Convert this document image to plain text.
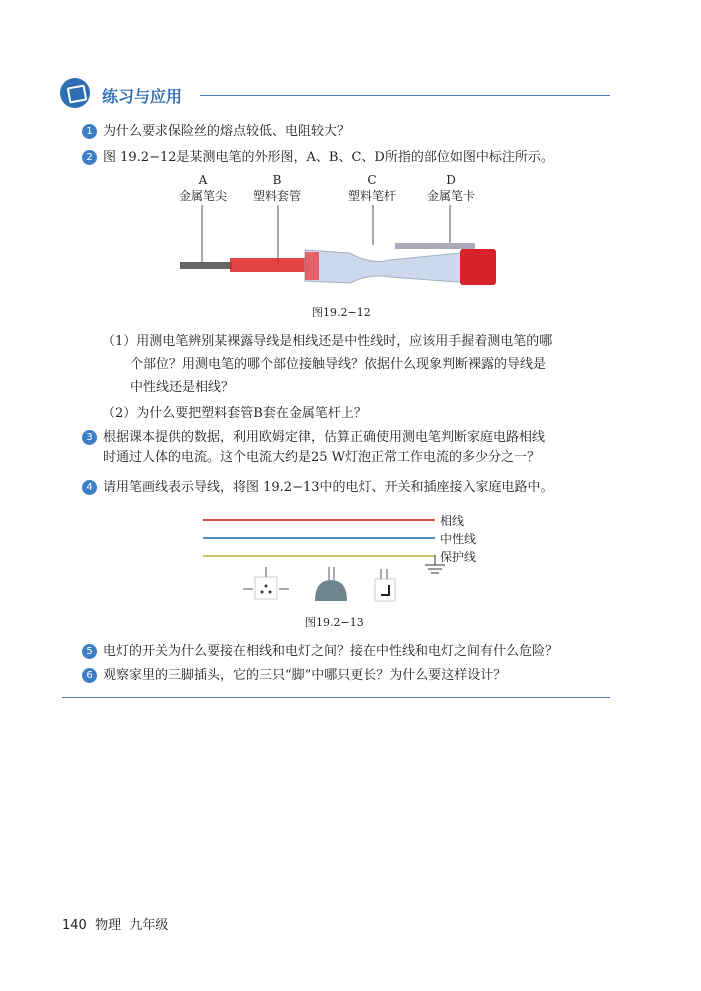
练习与应用
1 为什么要求保险丝的熔点较低、电阻较大？
2 图 19.2−12是某测电笔的外形图，A、B、C、D所指的部位如图中标注所示。
A
金属笔尖
B
塑料套管
C
塑料笔杆
D
金属笔卡
图19.2−12
（1）用测电笔辨别某裸露导线是相线还是中性线时，应该用手握着测电笔的哪
个部位？用测电笔的哪个部位接触导线？依据什么现象判断裸露的导线是
中性线还是相线？
（2）为什么要把塑料套管B套在金属笔杆上？
3 根据课本提供的数据，利用欧姆定律，估算正确使用测电笔判断家庭电路相线
时通过人体的电流。这个电流大约是25 W灯泡正常工作电流的多少分之一？
4 请用笔画线表示导线，将图 19.2−13中的电灯、开关和插座接入家庭电路中。
相线
中性线
保护线
图19.2−13
5 电灯的开关为什么要接在相线和电灯之间？接在中性线和电灯之间有什么危险？
6 观察家里的三脚插头，它的三只“脚”中哪只更长？为什么要这样设计？
140 物理 九年级
